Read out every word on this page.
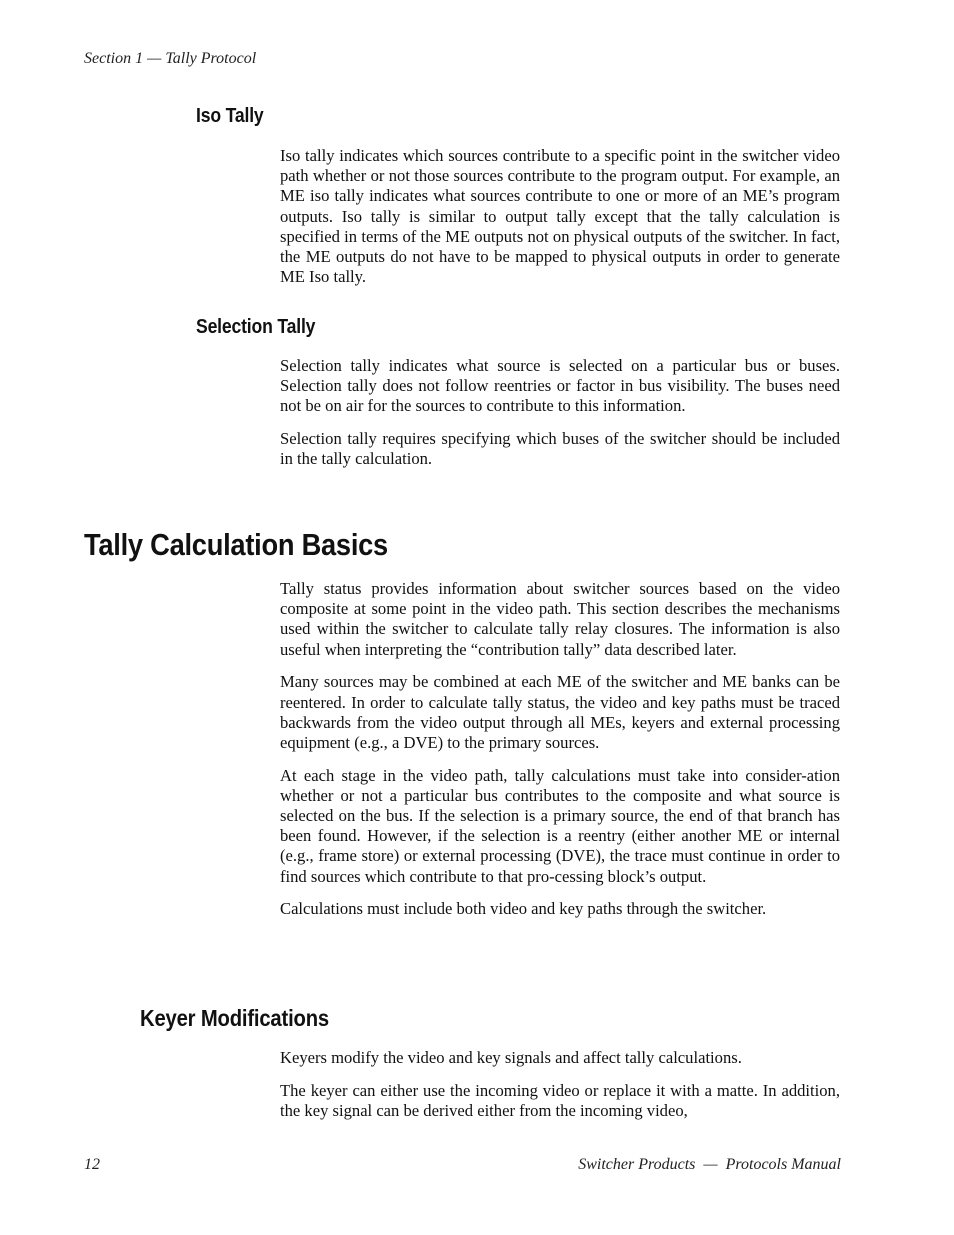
Section 1 — Tally Protocol
Iso Tally

Iso tally indicates which sources contribute to a specific point in the switcher video path whether or not those sources contribute to the program output. For example, an ME iso tally indicates what sources contribute to one or more of an ME’s program outputs. Iso tally is similar to output tally except that the tally calculation is specified in terms of the ME outputs not on physical outputs of the switcher. In fact, the ME outputs do not have to be mapped to physical outputs in order to generate ME Iso tally.

Selection Tally

Selection tally indicates what source is selected on a particular bus or buses. Selection tally does not follow reentries or factor in bus visibility. The buses need not be on air for the sources to contribute to this information.

Selection tally requires specifying which buses of the switcher should be included in the tally calculation.

Tally Calculation Basics

Tally status provides information about switcher sources based on the video composite at some point in the video path. This section describes the mechanisms used within the switcher to calculate tally relay closures. The information is also useful when interpreting the “contribution tally” data described later.

Many sources may be combined at each ME of the switcher and ME banks can be reentered. In order to calculate tally status, the video and key paths must be traced backwards from the video output through all MEs, keyers and external processing equipment (e.g., a DVE) to the primary sources.

At each stage in the video path, tally calculations must take into consider-ation whether or not a particular bus contributes to the composite and what source is selected on the bus. If the selection is a primary source, the end of that branch has been found. However, if the selection is a reentry (either another ME or internal (e.g., frame store) or external processing (DVE), the trace must continue in order to find sources which contribute to that pro-cessing block’s output.

Calculations must include both video and key paths through the switcher.

Keyer Modifications

Keyers modify the video and key signals and affect tally calculations.

The keyer can either use the incoming video or replace it with a matte. In addition, the key signal can be derived either from the incoming video,

12	Switcher Products  —  Protocols Manual
